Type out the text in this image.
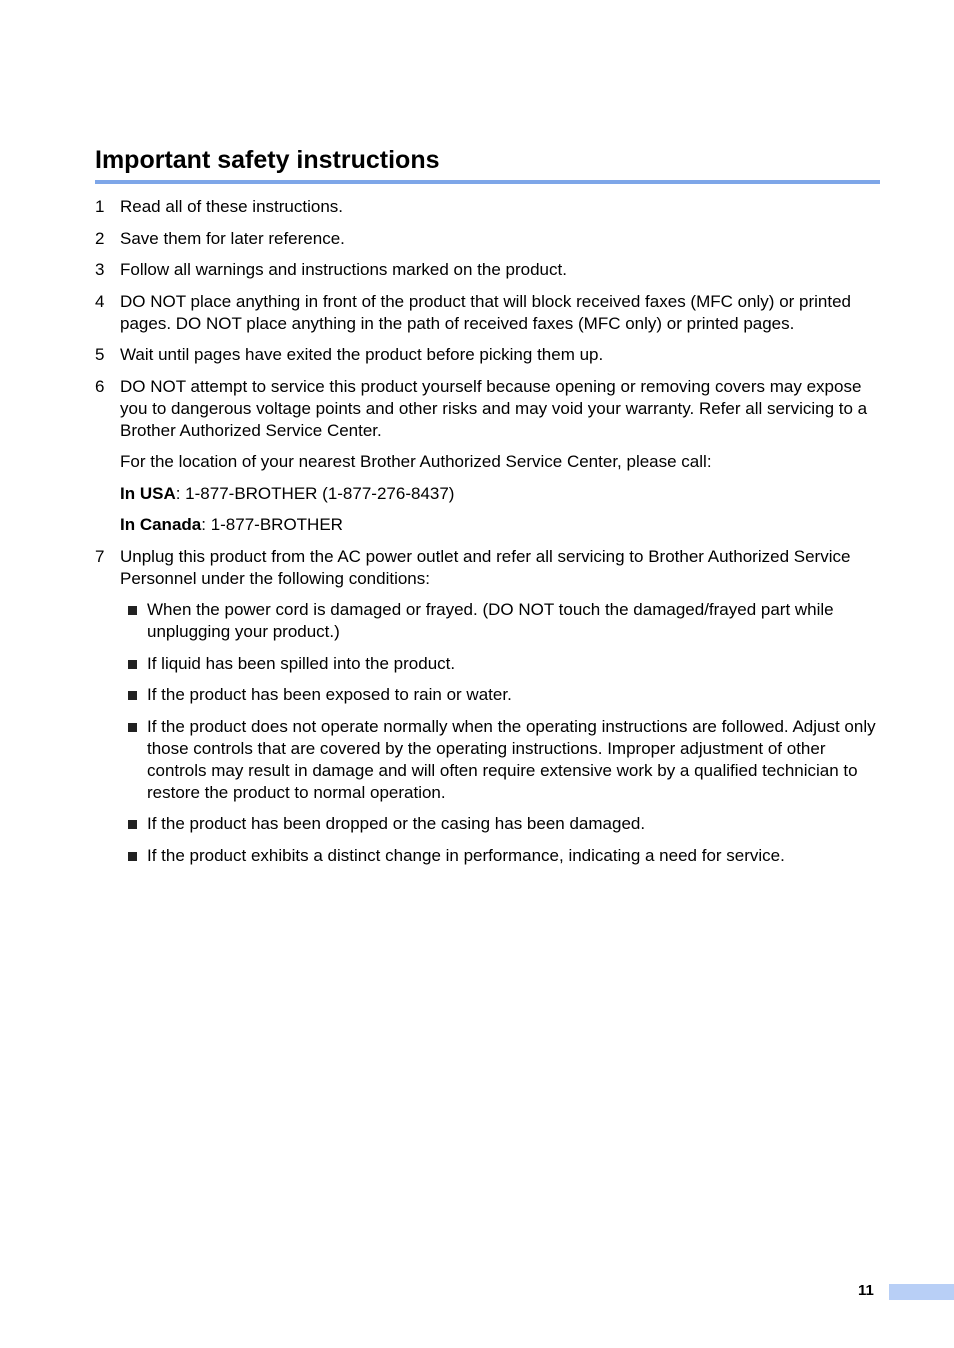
Important safety instructions
1 Read all of these instructions.
2 Save them for later reference.
3 Follow all warnings and instructions marked on the product.
4 DO NOT place anything in front of the product that will block received faxes (MFC only) or printed pages. DO NOT place anything in the path of received faxes (MFC only) or printed pages.
5 Wait until pages have exited the product before picking them up.
6 DO NOT attempt to service this product yourself because opening or removing covers may expose you to dangerous voltage points and other risks and may void your warranty. Refer all servicing to a Brother Authorized Service Center.

For the location of your nearest Brother Authorized Service Center, please call:

In USA: 1-877-BROTHER (1-877-276-8437)

In Canada: 1-877-BROTHER

7 Unplug this product from the AC power outlet and refer all servicing to Brother Authorized Service Personnel under the following conditions:
When the power cord is damaged or frayed. (DO NOT touch the damaged/frayed part while unplugging your product.)
If liquid has been spilled into the product.
If the product has been exposed to rain or water.
If the product does not operate normally when the operating instructions are followed. Adjust only those controls that are covered by the operating instructions. Improper adjustment of other controls may result in damage and will often require extensive work by a qualified technician to restore the product to normal operation.
If the product has been dropped or the casing has been damaged.
If the product exhibits a distinct change in performance, indicating a need for service.
11
